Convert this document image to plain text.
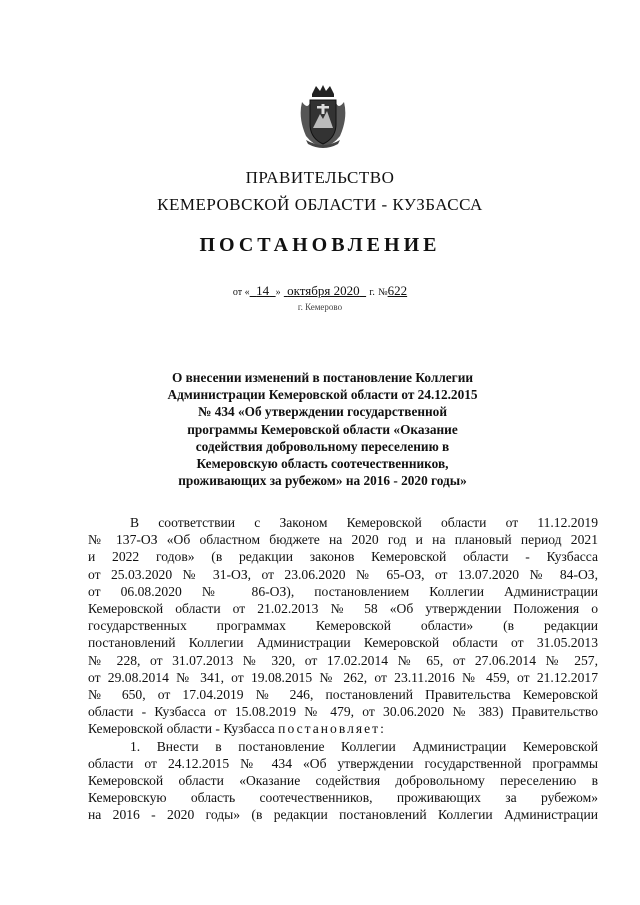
ПРАВИТЕЛЬСТВО
КЕМЕРОВСКОЙ ОБЛАСТИ - КУЗБАССА
ПОСТАНОВЛЕНИЕ
от « 14 » октября 2020 г. №622
г. Кемерово
О внесении изменений в постановление Коллегии
Администрации Кемеровской области от 24.12.2015
№ 434 «Об утверждении государственной
программы Кемеровской области «Оказание
содействия добровольному переселению в
Кемеровскую область соотечественников,
проживающих за рубежом» на 2016 - 2020 годы»
В соответствии с Законом Кемеровской области от 11.12.2019
№ 137-ОЗ «Об областном бюджете на 2020 год и на плановый период 2021
и 2022 годов» (в редакции законов Кемеровской области - Кузбасса
от 25.03.2020 № 31-ОЗ, от 23.06.2020 № 65-ОЗ, от 13.07.2020 № 84-ОЗ,
от 06.08.2020 № 86-ОЗ), постановлением Коллегии Администрации
Кемеровской области от 21.02.2013 № 58 «Об утверждении Положения о
государственных программах Кемеровской области» (в редакции
постановлений Коллегии Администрации Кемеровской области от 31.05.2013
№ 228, от 31.07.2013 № 320, от 17.02.2014 № 65, от 27.06.2014 № 257,
от 29.08.2014 № 341, от 19.08.2015 № 262, от 23.11.2016 № 459, от 21.12.2017
№ 650, от 17.04.2019 № 246, постановлений Правительства Кемеровской
области - Кузбасса от 15.08.2019 № 479, от 30.06.2020 № 383) Правительство
Кемеровской области - Кузбасса постановляет:
1. Внести в постановление Коллегии Администрации Кемеровской
области от 24.12.2015 № 434 «Об утверждении государственной программы
Кемеровской области «Оказание содействия добровольному переселению в
Кемеровскую область соотечественников, проживающих за рубежом»
на 2016 - 2020 годы» (в редакции постановлений Коллегии Администрации
